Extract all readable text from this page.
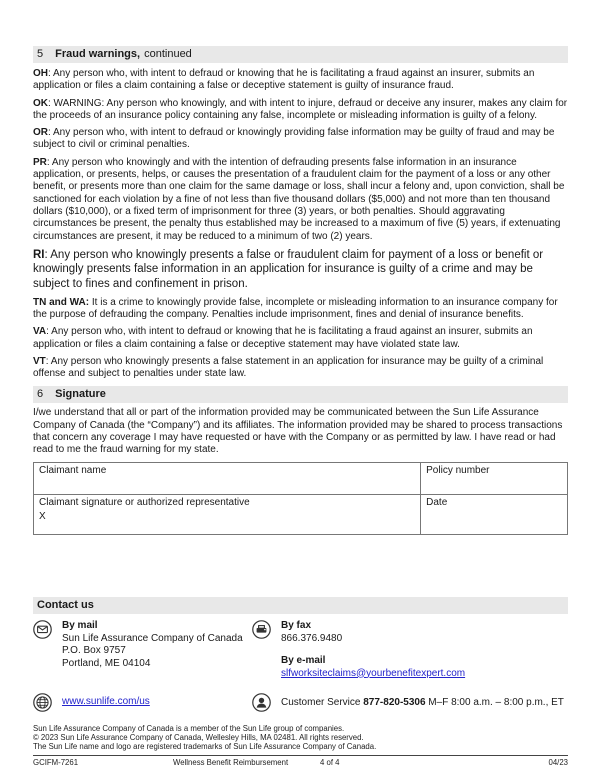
5 Fraud warnings, continued

OH: Any person who, with intent to defraud or knowing that he is facilitating a fraud against an insurer, submits an application or files a claim containing a false or deceptive statement is guilty of insurance fraud.

OK: WARNING: Any person who knowingly, and with intent to injure, defraud or deceive any insurer, makes any claim for the proceeds of an insurance policy containing any false, incomplete or misleading information is guilty of a felony.

OR: Any person who, with intent to defraud or knowingly providing false information may be guilty of fraud and may be subject to civil or criminal penalties.

PR: Any person who knowingly and with the intention of defrauding presents false information in an insurance application, or presents, helps, or causes the presentation of a fraudulent claim for the payment of a loss or any other benefit, or presents more than one claim for the same damage or loss, shall incur a felony and, upon conviction, shall be sanctioned for each violation by a fine of not less than five thousand dollars ($5,000) and not more than ten thousand dollars ($10,000), or a fixed term of imprisonment for three (3) years, or both penalties. Should aggravating circumstances be present, the penalty thus established may be increased to a maximum of five (5) years, if extenuating circumstances are present, it may be reduced to a minimum of two (2) years.

RI: Any person who knowingly presents a false or fraudulent claim for payment of a loss or benefit or knowingly presents false information in an application for insurance is guilty of a crime and may be subject to fines and confinement in prison.

TN and WA: It is a crime to knowingly provide false, incomplete or misleading information to an insurance company for the purpose of defrauding the company. Penalties include imprisonment, fines and denial of insurance benefits.

VA: Any person who, with intent to defraud or knowing that he is facilitating a fraud against an insurer, submits an application or files a claim containing a false or deceptive statement may have violated state law.

VT: Any person who knowingly presents a false statement in an application for insurance may be guilty of a criminal offense and subject to penalties under state law.

6 Signature

I/we understand that all or part of the information provided may be communicated between the Sun Life Assurance Company of Canada (the “Company”) and its affiliates. The information provided may be shared to process transactions that concern any coverage I may have requested or have with the Company or as permitted by law. I have read or had read to me the fraud warning for my state.

Claimant name	Policy number
Claimant signature or authorized representative
X	Date
Contact us
By mail
Sun Life Assurance Company of Canada
P.O. Box 9757
Portland, ME 04104
By fax
866.376.9480
By e-mail
slfworksiteclaims@yourbenefitexpert.com
www.sunlife.com/us	Customer Service 877-820-5306 M–F 8:00 a.m. – 8:00 p.m., ET

Sun Life Assurance Company of Canada is a member of the Sun Life group of companies.

© 2023 Sun Life Assurance Company of Canada, Wellesley Hills, MA 02481. All rights reserved.

The Sun Life name and logo are registered trademarks of Sun Life Assurance Company of Canada.

GCIFM-7261	Wellness Benefit Reimbursement	4 of 4	04/23
